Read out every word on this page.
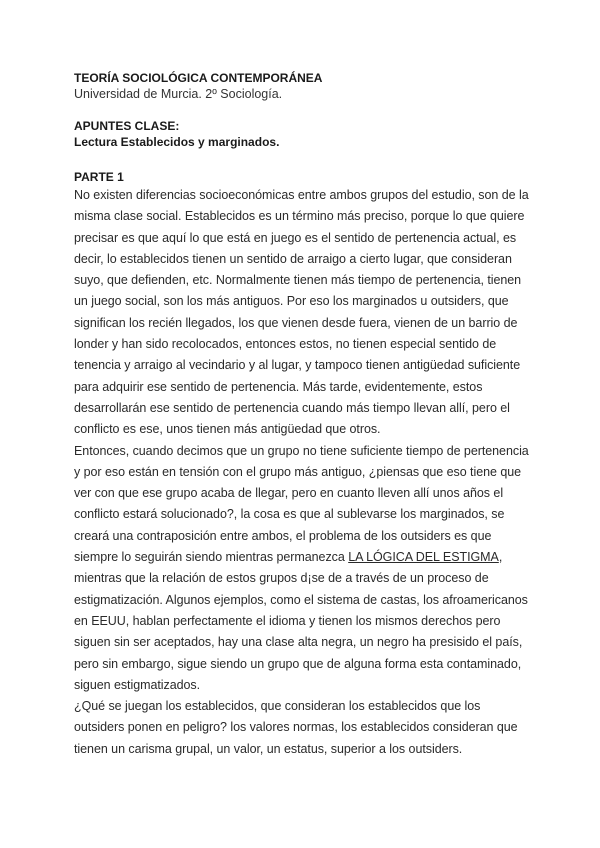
TEORÍA SOCIOLÓGICA CONTEMPORÁNEA

Universidad de Murcia. 2º Sociología.

APUNTES CLASE:

Lectura Establecidos y marginados.

PARTE 1

No existen diferencias socioeconómicas entre ambos grupos del estudio, son de la misma clase social. Establecidos es un término más preciso, porque lo que quiere precisar es que aquí lo que está en juego es el sentido de pertenencia actual, es decir, lo establecidos tienen un sentido de arraigo a cierto lugar, que consideran suyo, que defienden, etc. Normalmente tienen más tiempo de pertenencia, tienen un juego social, son los más antiguos. Por eso los marginados u outsiders, que significan los recién llegados, los que vienen desde fuera, vienen de un barrio de londer y han sido recolocados, entonces estos, no tienen especial sentido de tenencia y arraigo al vecindario y al lugar, y tampoco tienen antigüedad suficiente para adquirir ese sentido de pertenencia. Más tarde, evidentemente, estos desarrollarán ese sentido de pertenencia cuando más tiempo llevan allí, pero el conflicto es ese, unos tienen más antigüedad que otros.

Entonces, cuando decimos que un grupo no tiene suficiente tiempo de pertenencia y por eso están en tensión con el grupo más antiguo, ¿piensas que eso tiene que ver con que ese grupo acaba de llegar, pero en cuanto lleven allí unos años el conflicto estará solucionado?, la cosa es que al sublevarse los marginados, se creará una contraposición entre ambos, el problema de los outsiders es que siempre lo seguirán siendo mientras permanezca LA LÓGICA DEL ESTIGMA, mientras que la relación de estos grupos d¡se de a través de un proceso de estigmatización. Algunos ejemplos, como el sistema de castas, los afroamericanos en EEUU, hablan perfectamente el idioma y tienen los mismos derechos pero siguen sin ser aceptados, hay una clase alta negra, un negro ha presisido el país, pero sin embargo, sigue siendo un grupo que de alguna forma esta contaminado, siguen estigmatizados.

¿Qué se juegan los establecidos, que consideran los establecidos que los outsiders ponen en peligro? los valores normas, los establecidos consideran que tienen un carisma grupal, un valor, un estatus, superior a los outsiders.
